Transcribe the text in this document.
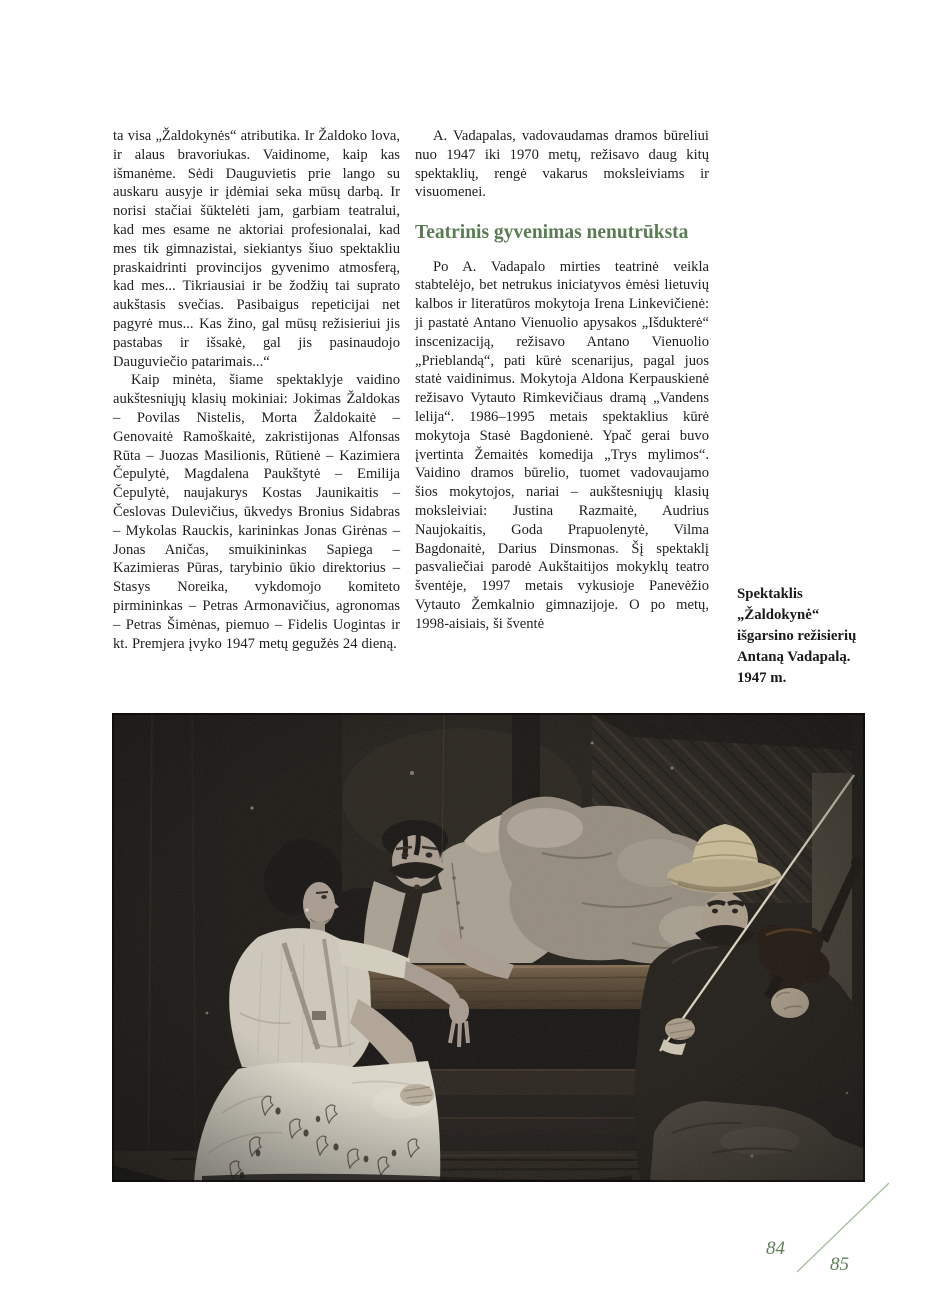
ta visa „Žaldokynės“ atributika. Ir Žaldoko lova, ir alaus bravoriukas. Vaidinome, kaip kas išmanėme. Sėdi Dauguvietis prie lango su auskaru ausyje ir įdėmiai seka mūsų darbą. Ir norisi stačiai šūktelėti jam, garbiam teatralui, kad mes esame ne aktoriai profesionalai, kad mes tik gimnazistai, siekiantys šiuo spektakliu praskaidrinti provincijos gyvenimo atmosferą, kad mes... Tikriausiai ir be žodžių tai suprato aukštasis svečias. Pasibaigus repeticijai net pagyrė mus... Kas žino, gal mūsų režisieriui jis pastabas ir išsakė, gal jis pasinaudojo Dauguviečio patarimais...“

Kaip minėta, šiame spektaklyje vaidino aukštesniųjų klasių mokiniai: Jokimas Žaldokas – Povilas Nistelis, Morta Žaldokaitė – Genovaitė Ramoškaitė, zakristijonas Alfonsas Rūta – Juozas Masilionis, Rūtienė – Kazimiera Čepulytė, Magdalena Paukštytė – Emilija Čepulytė, naujakurys Kostas Jaunikaitis – Česlovas Dulevičius, ūkvedys Bronius Sidabras – Mykolas Rauckis, karininkas Jonas Girėnas – Jonas Aničas, smuikininkas Sapiega – Kazimieras Pūras, tarybinio ūkio direktorius – Stasys Noreika, vykdomojo komiteto pirmininkas – Petras Armonavičius, agronomas – Petras Šimėnas, piemuo – Fidelis Uogintas ir kt. Premjera įvyko 1947 metų gegužės 24 dieną.

A. Vadapalas, vadovaudamas dramos būreliui nuo 1947 iki 1970 metų, režisavo daug kitų spektaklių, rengė vakarus moksleiviams ir visuomenei.

Teatrinis gyvenimas nenutrūksta

Po A. Vadapalo mirties teatrinė veikla stabtelėjo, bet netrukus iniciatyvos ėmėsi lietuvių kalbos ir literatūros mokytoja Irena Linkevičienė: ji pastatė Antano Vienuolio apysakos „Išdukterė“ inscenizaciją, režisavo Antano Vienuolio „Prieblandą“, pati kūrė scenarijus, pagal juos statė vaidinimus. Mokytoja Aldona Kerpauskienė režisavo Vytauto Rimkevičiaus dramą „Vandens lelija“. 1986–1995 metais spektaklius kūrė mokytoja Stasė Bagdonienė. Ypač gerai buvo įvertinta Žemaitės komedija „Trys mylimos“. Vaidino dramos būrelio, tuomet vadovaujamo šios mokytojos, nariai – aukštesniųjų klasių moksleiviai: Justina Razmaitė, Audrius Naujokaitis, Goda Prapuolenytė, Vilma Bagdonaitė, Darius Dinsmonas. Šį spektaklį pasvaliečiai parodė Aukštaitijos mokyklų teatro šventėje, 1997 metais vykusioje Panevėžio Vytauto Žemkalnio gimnazijoje. O po metų, 1998-aisiais, ši šventė

Spektaklis
„Žaldokynė“
išgarsino režisierių
Antaną Vadapalą.
1947 m.
84
85
